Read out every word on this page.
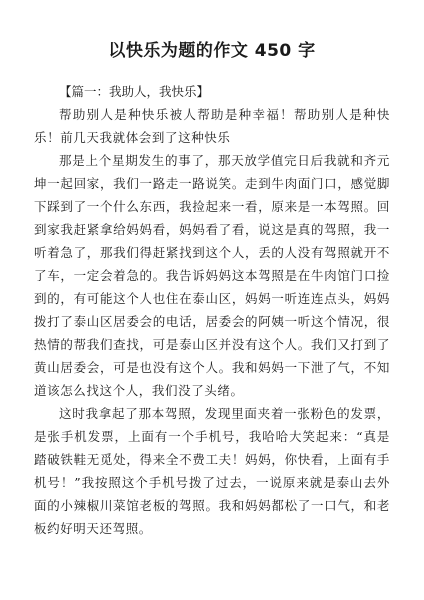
以快乐为题的作文 450 字

【篇一：我助人，我快乐】

帮助别人是种快乐被人帮助是种幸福！帮助别人是种快乐！前几天我就体会到了这种快乐

那是上个星期发生的事了，那天放学值完日后我就和齐元坤一起回家，我们一路走一路说笑。走到牛肉面门口，感觉脚下踩到了一个什么东西，我捡起来一看，原来是一本驾照。回到家我赶紧拿给妈妈看，妈妈看了看，说这是真的驾照，我一听着急了，那我们得赶紧找到这个人，丢的人没有驾照就开不了车，一定会着急的。我告诉妈妈这本驾照是在牛肉馆门口捡到的，有可能这个人也住在泰山区，妈妈一听连连点头，妈妈拨打了泰山区居委会的电话，居委会的阿姨一听这个情况，很热情的帮我们查找，可是泰山区并没有这个人。我们又打到了黄山居委会，可是也没有这个人。我和妈妈一下泄了气，不知道该怎么找这个人，我们没了头绪。

这时我拿起了那本驾照，发现里面夹着一张粉色的发票，是张手机发票，上面有一个手机号，我哈哈大笑起来：“真是踏破铁鞋无觅处，得来全不费工夫！妈妈，你快看，上面有手机号！”我按照这个手机号拨了过去，一说原来就是泰山去外面的小辣椒川菜馆老板的驾照。我和妈妈都松了一口气，和老板约好明天还驾照。
